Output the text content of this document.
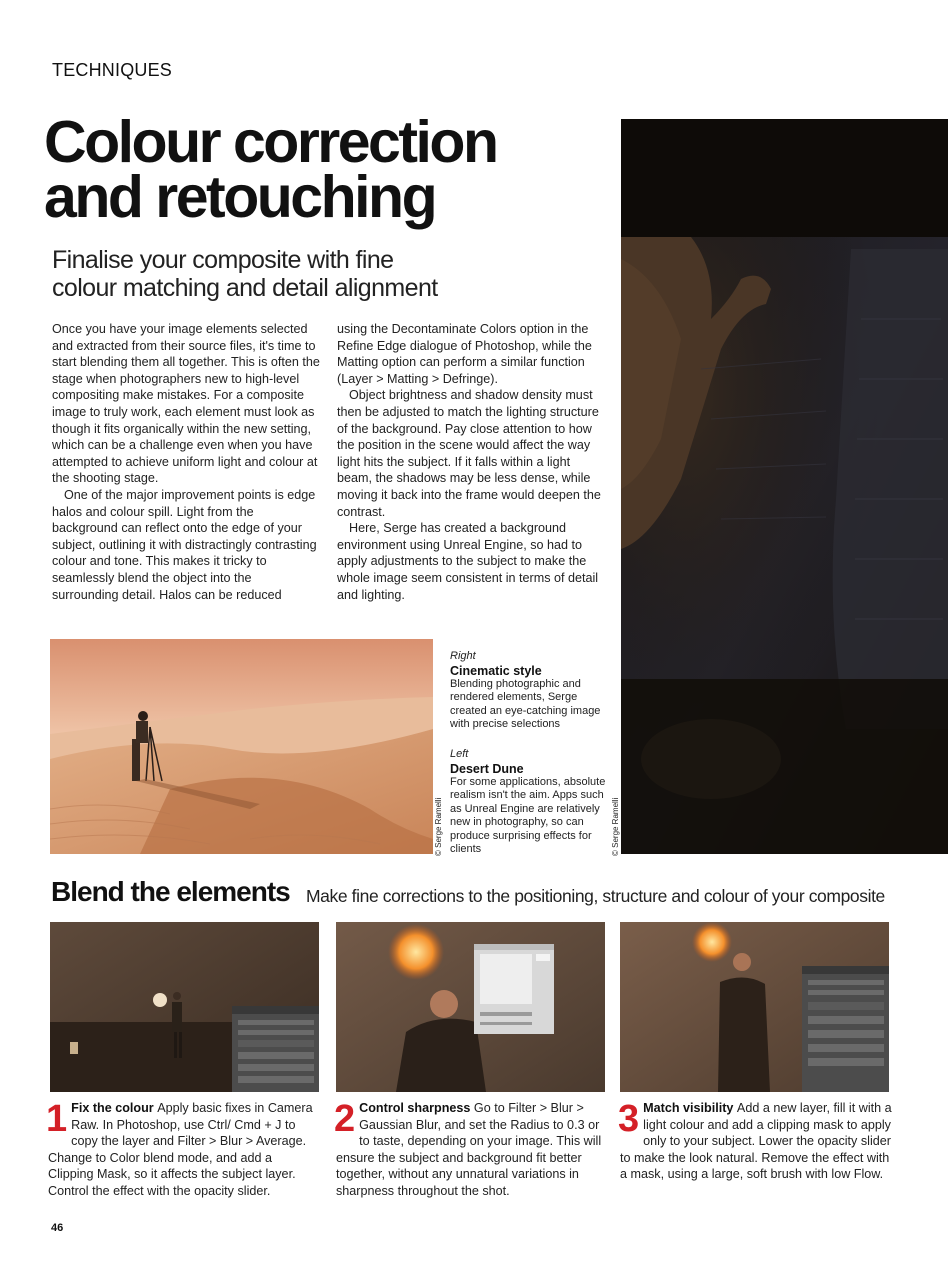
TECHNIQUES
Colour correction
and retouching
Finalise your composite with fine
colour matching and detail alignment

Once you have your image elements selected and extracted from their source files, it's time to start blending them all together. This is often the stage when photographers new to high-level compositing make mistakes. For a composite image to truly work, each element must look as though it fits organically within the new setting, which can be a challenge even when you have attempted to achieve uniform light and colour at the shooting stage.

One of the major improvement points is edge halos and colour spill. Light from the background can reflect onto the edge of your subject, outlining it with distractingly contrasting colour and tone. This makes it tricky to seamlessly blend the object into the surrounding detail. Halos can be reduced

using the Decontaminate Colors option in the Refine Edge dialogue of Photoshop, while the Matting option can perform a similar function (Layer > Matting > Defringe).

Object brightness and shadow density must then be adjusted to match the lighting structure of the background. Pay close attention to how the position in the scene would affect the way light hits the subject. If it falls within a light beam, the shadows may be less dense, while moving it back into the frame would deepen the contrast.

Here, Serge has created a background environment using Unreal Engine, so had to apply adjustments to the subject to make the whole image seem consistent in terms of detail and lighting.

© Serge Ramelli	© Serge Ramelli
Right
Cinematic style
Blending photographic and rendered elements, Serge created an eye-catching image with precise selections
Left
Desert Dune
For some applications, absolute realism isn't the aim. Apps such as Unreal Engine are relatively new in photography, so can produce surprising effects for clients
Blend the elements Make fine corrections to the positioning, structure and colour of your composite
1 Fix the colour Apply basic fixes in Camera Raw. In Photoshop, use Ctrl/ Cmd + J to copy the layer and Filter > Blur > Average. Change to Color blend mode, and add a Clipping Mask, so it affects the subject layer. Control the effect with the opacity slider.
2 Control sharpness Go to Filter > Blur > Gaussian Blur, and set the Radius to 0.3 or to taste, depending on your image. This will ensure the subject and background fit better together, without any unnatural variations in sharpness throughout the shot.
3 Match visibility Add a new layer, fill it with a light colour and add a clipping mask to apply only to your subject. Lower the opacity slider to make the look natural. Remove the effect with a mask, using a large, soft brush with low Flow.
46
